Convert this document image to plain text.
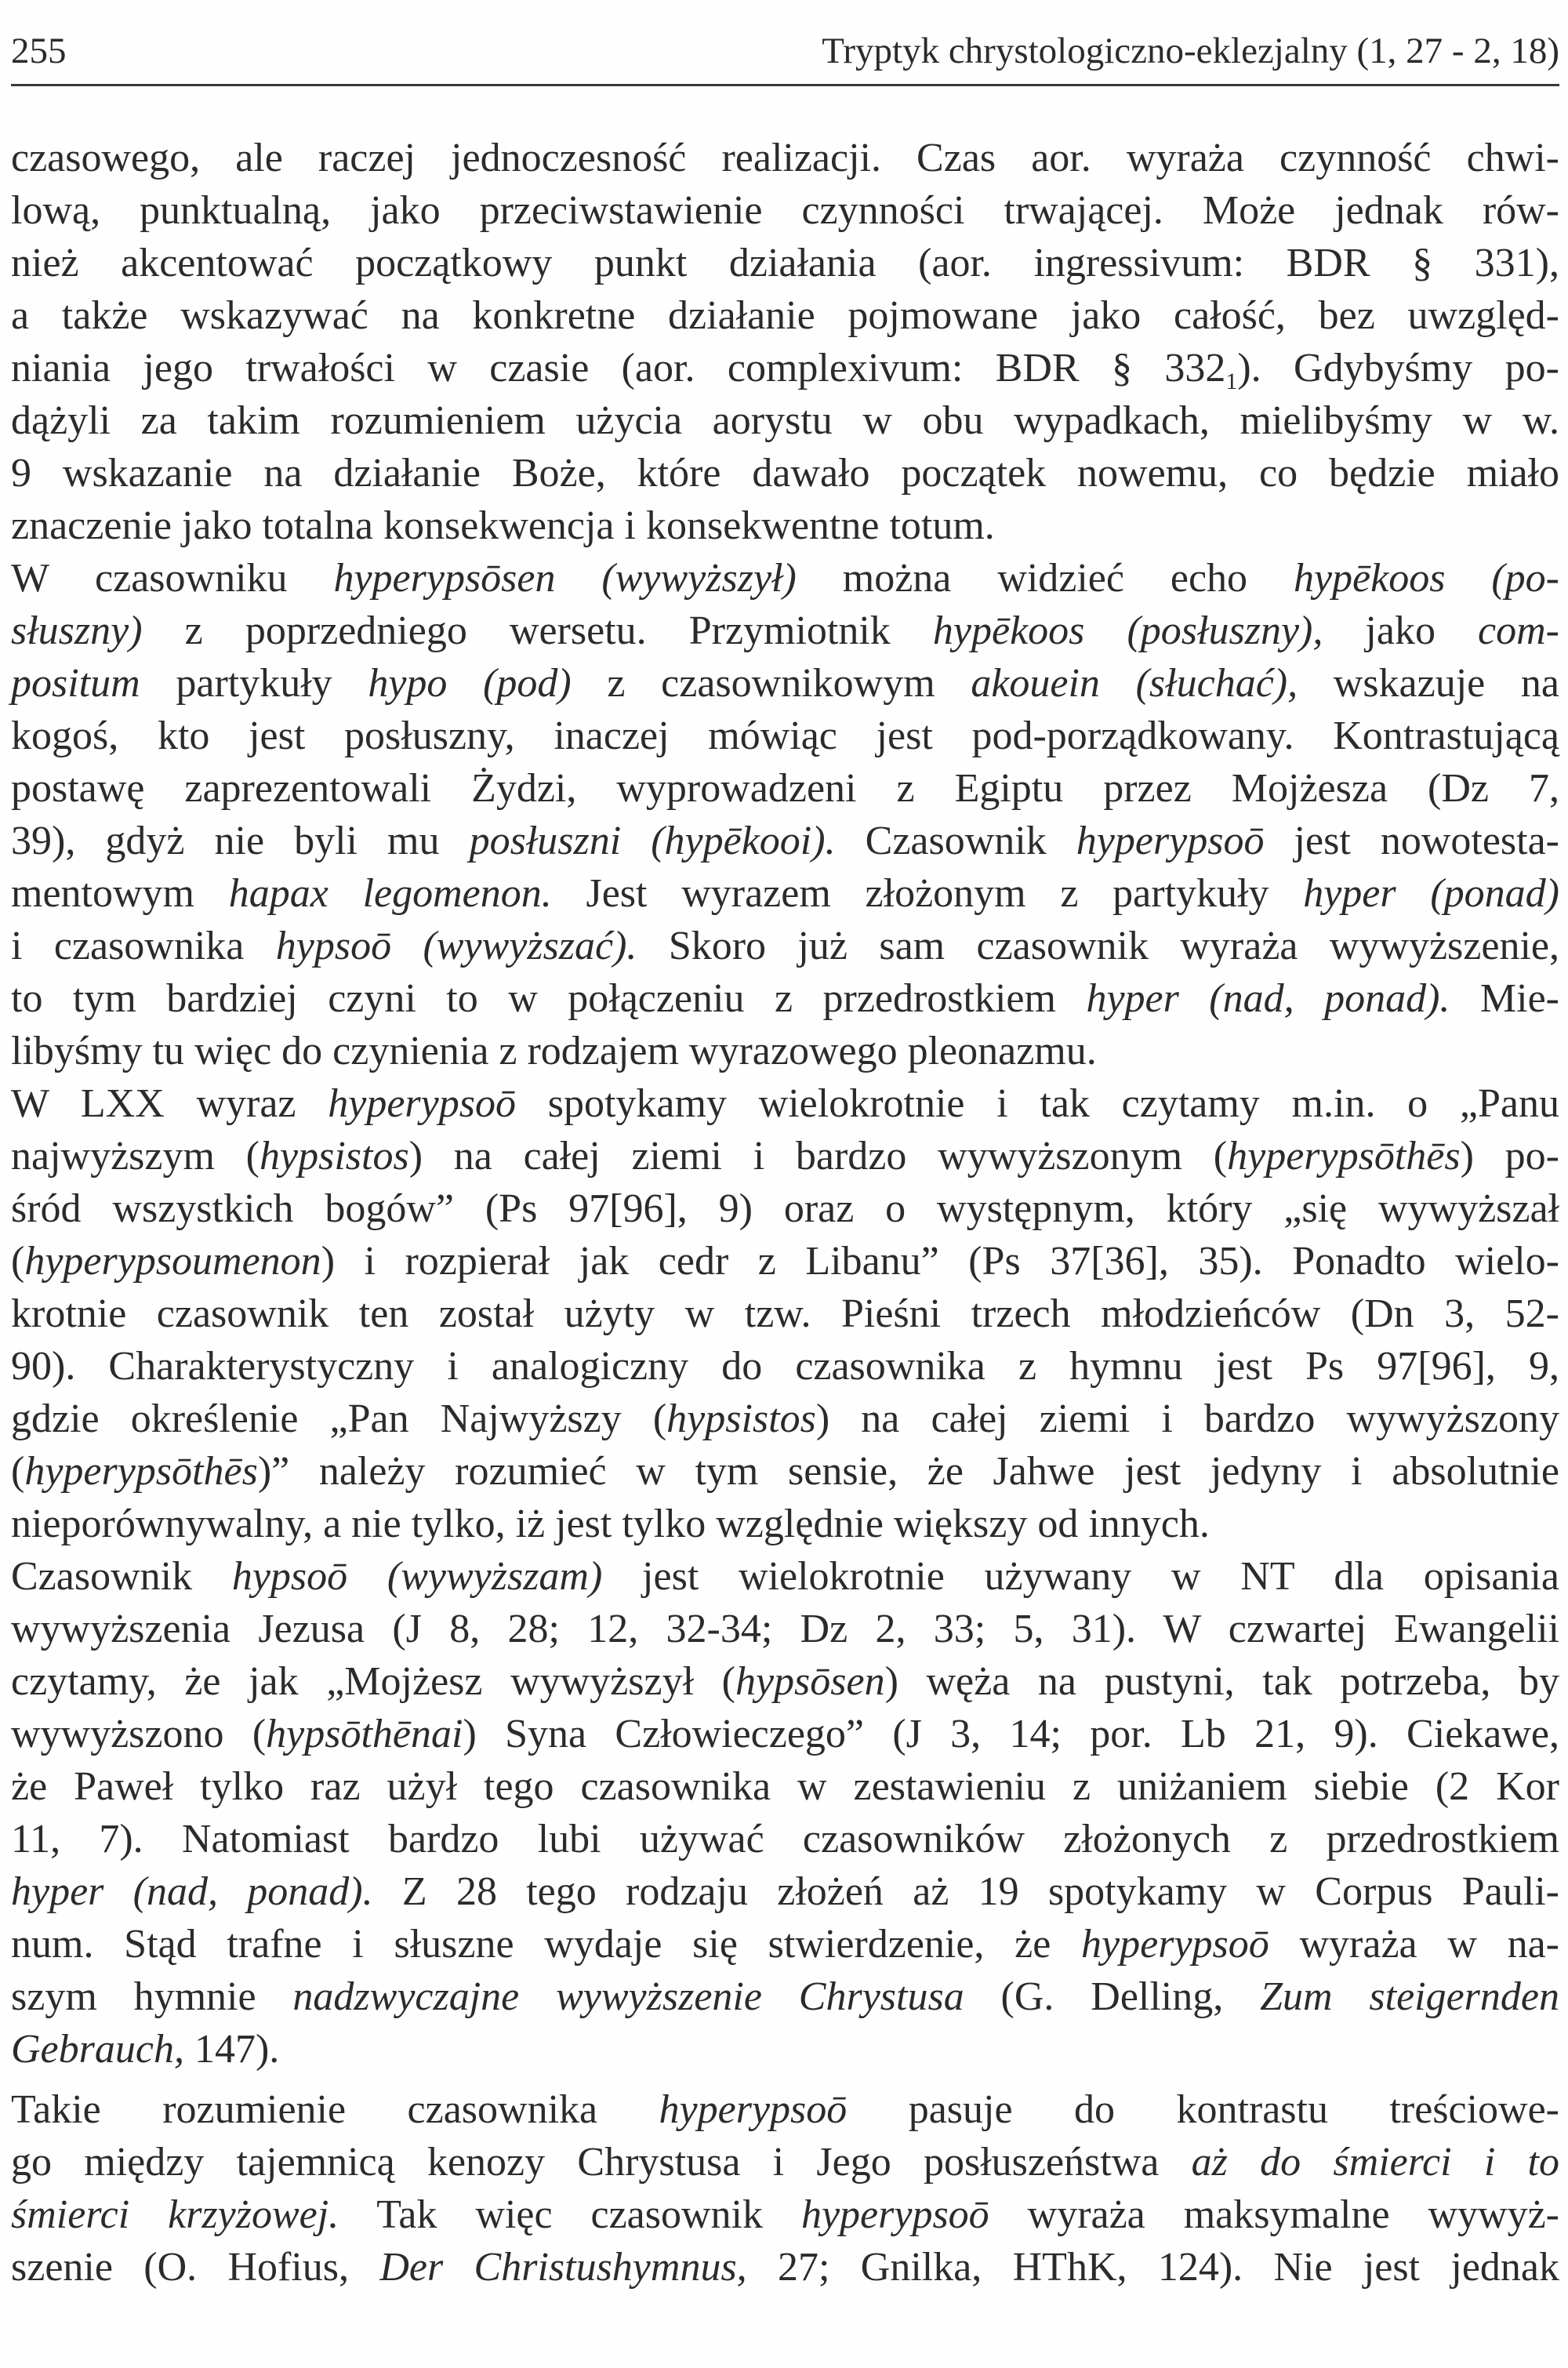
255	Tryptyk chrystologiczno-eklezjalny (1, 27 - 2, 18)
czasowego, ale raczej jednoczesność realizacji. Czas aor. wyraża czynność chwi-
lową, punktualną, jako przeciwstawienie czynności trwającej. Może jednak rów-
nież akcentować początkowy punkt działania (aor. ingressivum: BDR § 331),
a także wskazywać na konkretne działanie pojmowane jako całość, bez uwzględ-
niania jego trwałości w czasie (aor. complexivum: BDR § $332_1$). Gdybyśmy po-
dążyli za takim rozumieniem użycia aorystu w obu wypadkach, mielibyśmy w w.
9 wskazanie na działanie Boże, które dawało początek nowemu, co będzie miało
znaczenie jako totalna konsekwencja i konsekwentne totum.
W czasowniku hyperypsōsen (wywyższył) można widzieć echo hypēkoos (po-
słuszny) z poprzedniego wersetu. Przymiotnik hypēkoos (posłuszny), jako com-
positum partykuły hypo (pod) z czasownikowym akouein (słuchać), wskazuje na
kogoś, kto jest posłuszny, inaczej mówiąc jest pod-porządkowany. Kontrastującą
postawę zaprezentowali Żydzi, wyprowadzeni z Egiptu przez Mojżesza (Dz 7,
39), gdyż nie byli mu posłuszni (hypēkooi). Czasownik hyperypsoō jest nowotesta-
mentowym hapax legomenon. Jest wyrazem złożonym z partykuły hyper (ponad)
i czasownika hypsoō (wywyższać). Skoro już sam czasownik wyraża wywyższenie,
to tym bardziej czyni to w połączeniu z przedrostkiem hyper (nad, ponad). Mie-
libyśmy tu więc do czynienia z rodzajem wyrazowego pleonazmu.
W LXX wyraz hyperypsoō spotykamy wielokrotnie i tak czytamy m.in. o „Panu
najwyższym (hypsistos) na całej ziemi i bardzo wywyższonym (hyperypsōthēs) po-
śród wszystkich bogów” (Ps 97[96], 9) oraz o występnym, który „się wywyższał
(hyperypsoumenon) i rozpierał jak cedr z Libanu” (Ps 37[36], 35). Ponadto wielo-
krotnie czasownik ten został użyty w tzw. Pieśni trzech młodzieńców (Dn 3, 52-
90). Charakterystyczny i analogiczny do czasownika z hymnu jest Ps 97[96], 9,
gdzie określenie „Pan Najwyższy (hypsistos) na całej ziemi i bardzo wywyższony
(hyperypsōthēs)” należy rozumieć w tym sensie, że Jahwe jest jedyny i absolutnie
nieporównywalny, a nie tylko, iż jest tylko względnie większy od innych.
Czasownik hypsoō (wywyższam) jest wielokrotnie używany w NT dla opisania
wywyższenia Jezusa (J 8, 28; 12, 32-34; Dz 2, 33; 5, 31). W czwartej Ewangelii
czytamy, że jak „Mojżesz wywyższył (hypsōsen) węża na pustyni, tak potrzeba, by
wywyższono (hypsōthēnai) Syna Człowieczego” (J 3, 14; por. Lb 21, 9). Ciekawe,
że Paweł tylko raz użył tego czasownika w zestawieniu z uniżaniem siebie (2 Kor
11, 7). Natomiast bardzo lubi używać czasowników złożonych z przedrostkiem
hyper (nad, ponad). Z 28 tego rodzaju złożeń aż 19 spotykamy w Corpus Pauli-
num. Stąd trafne i słuszne wydaje się stwierdzenie, że hyperypsoō wyraża w na-
szym hymnie nadzwyczajne wywyższenie Chrystusa (G. Delling, Zum steigernden
Gebrauch, 147).
Takie rozumienie czasownika hyperypsoō pasuje do kontrastu treściowe-
go między tajemnicą kenozy Chrystusa i Jego posłuszeństwa aż do śmierci i to
śmierci krzyżowej. Tak więc czasownik hyperypsoō wyraża maksymalne wywyż-
szenie (O. Hofius, Der Christushymnus, 27; Gnilka, HThK, 124). Nie jest jednak
